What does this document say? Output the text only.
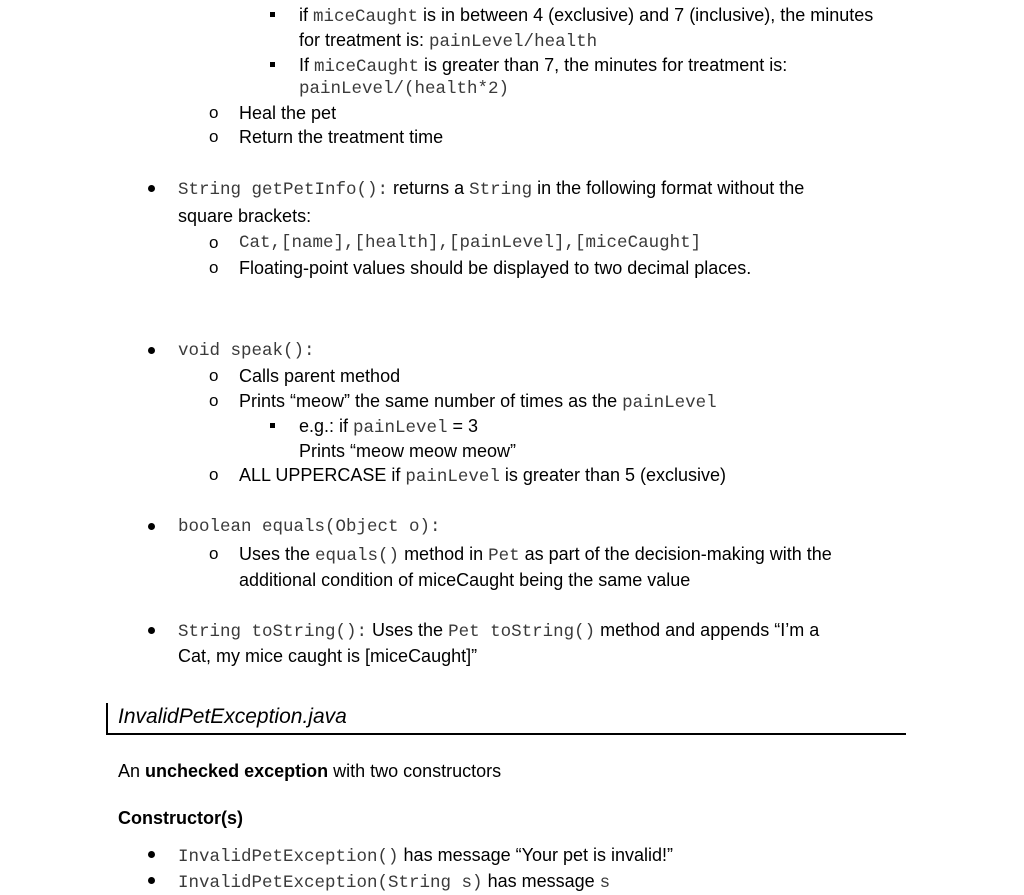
if miceCaught is in between 4 (exclusive) and 7 (inclusive), the minutes
for treatment is: painLevel/health
If miceCaught is greater than 7, the minutes for treatment is:
painLevel/(health*2)
o Heal the pet
o Return the treatment time
String getPetInfo(): returns a String in the following format without the
square brackets:
o Cat,[name],[health],[painLevel],[miceCaught]
o Floating-point values should be displayed to two decimal places.
void speak():
o Calls parent method
o Prints “meow” the same number of times as the painLevel
e.g.: if painLevel = 3
Prints “meow meow meow”
o ALL UPPERCASE if painLevel is greater than 5 (exclusive)
boolean equals(Object o):
o Uses the equals() method in Pet as part of the decision-making with the
additional condition of miceCaught being the same value
String toString(): Uses the Pet toString() method and appends “I’m a
Cat, my mice caught is [miceCaught]”
InvalidPetException.java
An unchecked exception with two constructors
Constructor(s)
InvalidPetException() has message “Your pet is invalid!”
InvalidPetException(String s) has message s
